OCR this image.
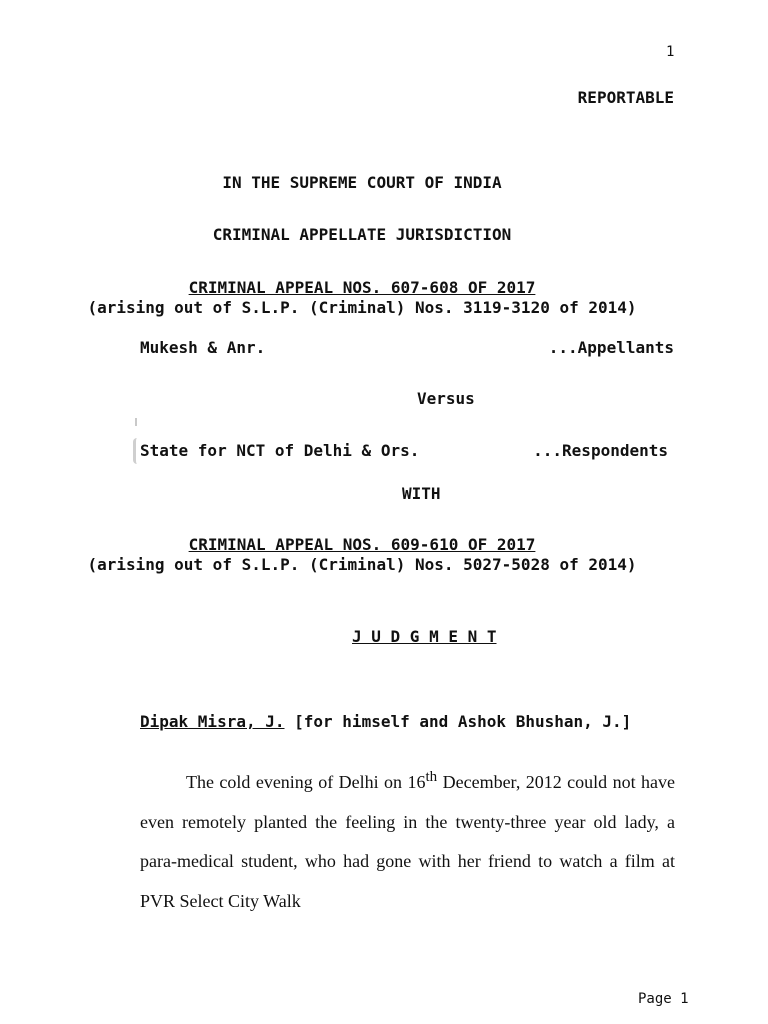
1
REPORTABLE
IN THE SUPREME COURT OF INDIA
CRIMINAL APPELLATE JURISDICTION
CRIMINAL APPEAL NOS. 607-608 OF 2017
(arising out of S.L.P. (Criminal) Nos. 3119-3120 of 2014)
Mukesh & Anr.	...Appellants
Versus
State for NCT of Delhi & Ors.	...Respondents
WITH
CRIMINAL APPEAL NOS. 609-610 OF 2017
(arising out of S.L.P. (Criminal) Nos. 5027-5028 of 2014)
J U D G M E N T
Dipak Misra, J. [for himself and Ashok Bhushan, J.]

The cold evening of Delhi on 16th December, 2012 could not have even remotely planted the feeling in the twenty-three year old lady, a para-medical student, who had gone with her friend to watch a film at PVR Select City Walk

Page 1
